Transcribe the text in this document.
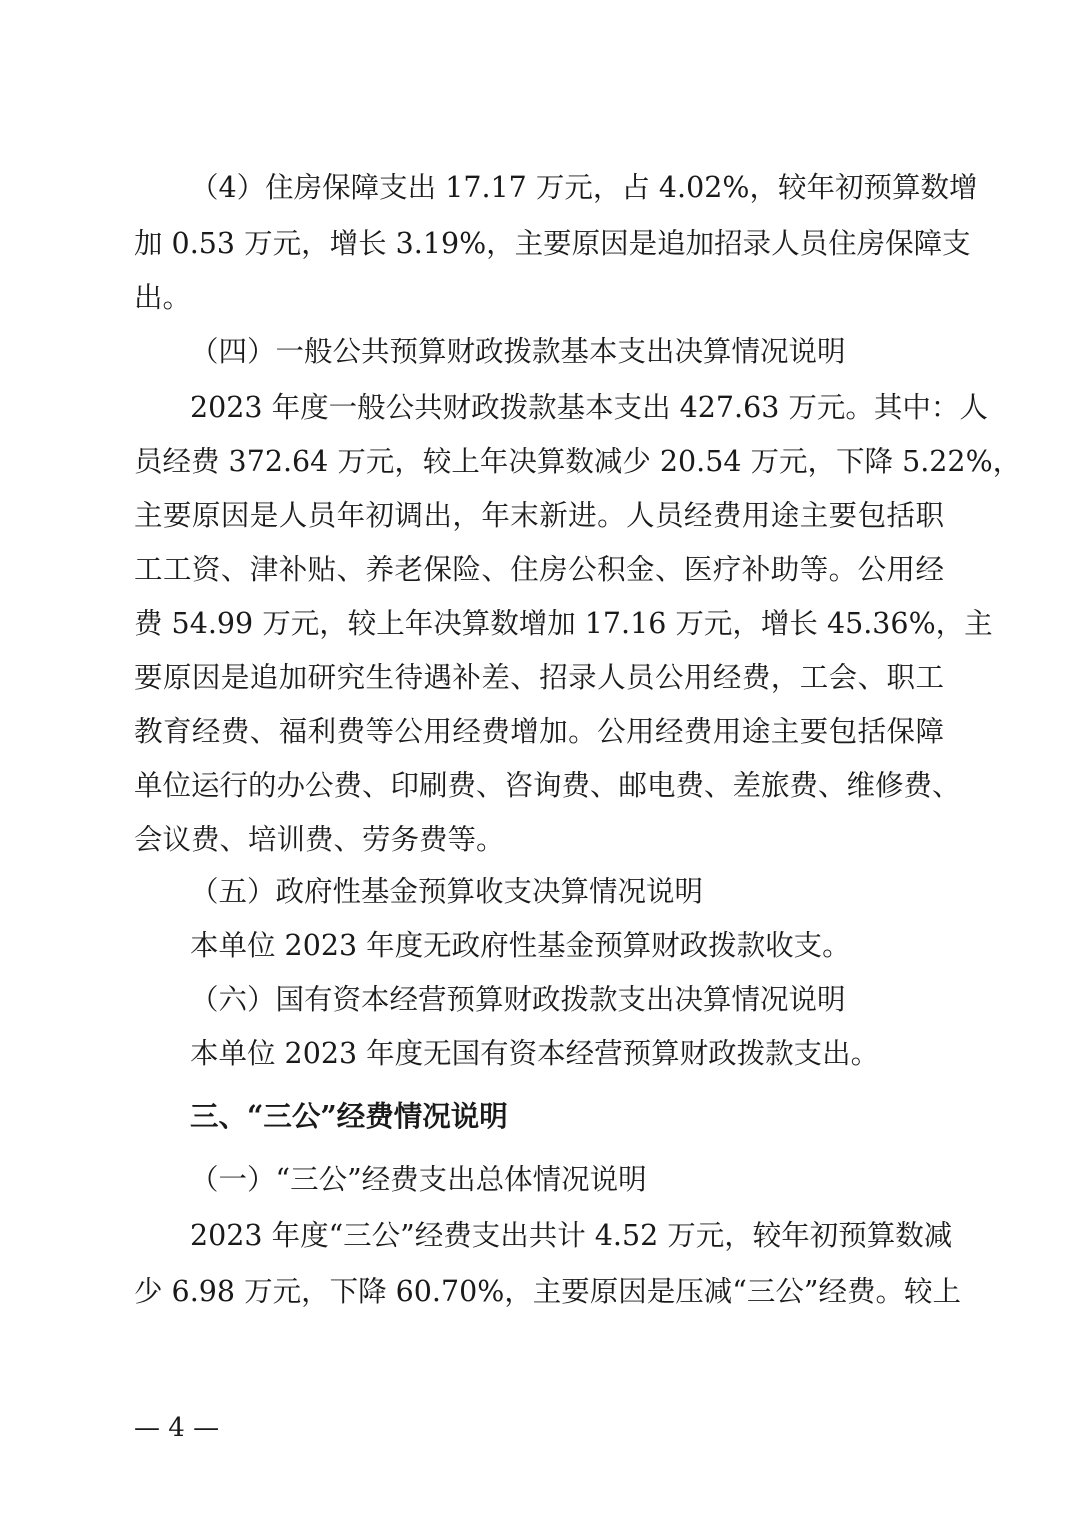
（4）住房保障支出 17.17 万元，占 4.02%，较年初预算数增

加 0.53 万元，增长 3.19%，主要原因是追加招录人员住房保障支

出。

（四）一般公共预算财政拨款基本支出决算情况说明

2023 年度一般公共财政拨款基本支出 427.63 万元。其中：人

员经费 372.64 万元，较上年决算数减少 20.54 万元，下降 5.22%，

主要原因是人员年初调出，年末新进。人员经费用途主要包括职

工工资、津补贴、养老保险、住房公积金、医疗补助等。公用经

费 54.99 万元，较上年决算数增加 17.16 万元，增长 45.36%，主

要原因是追加研究生待遇补差、招录人员公用经费，工会、职工

教育经费、福利费等公用经费增加。公用经费用途主要包括保障

单位运行的办公费、印刷费、咨询费、邮电费、差旅费、维修费、

会议费、培训费、劳务费等。

（五）政府性基金预算收支决算情况说明

本单位 2023 年度无政府性基金预算财政拨款收支。

（六）国有资本经营预算财政拨款支出决算情况说明

本单位 2023 年度无国有资本经营预算财政拨款支出。

三、“三公”经费情况说明

（一）“三公”经费支出总体情况说明

2023 年度“三公”经费支出共计 4.52 万元，较年初预算数减

少 6.98 万元，下降 60.70%，主要原因是压减“三公”经费。较上

— 4 —
